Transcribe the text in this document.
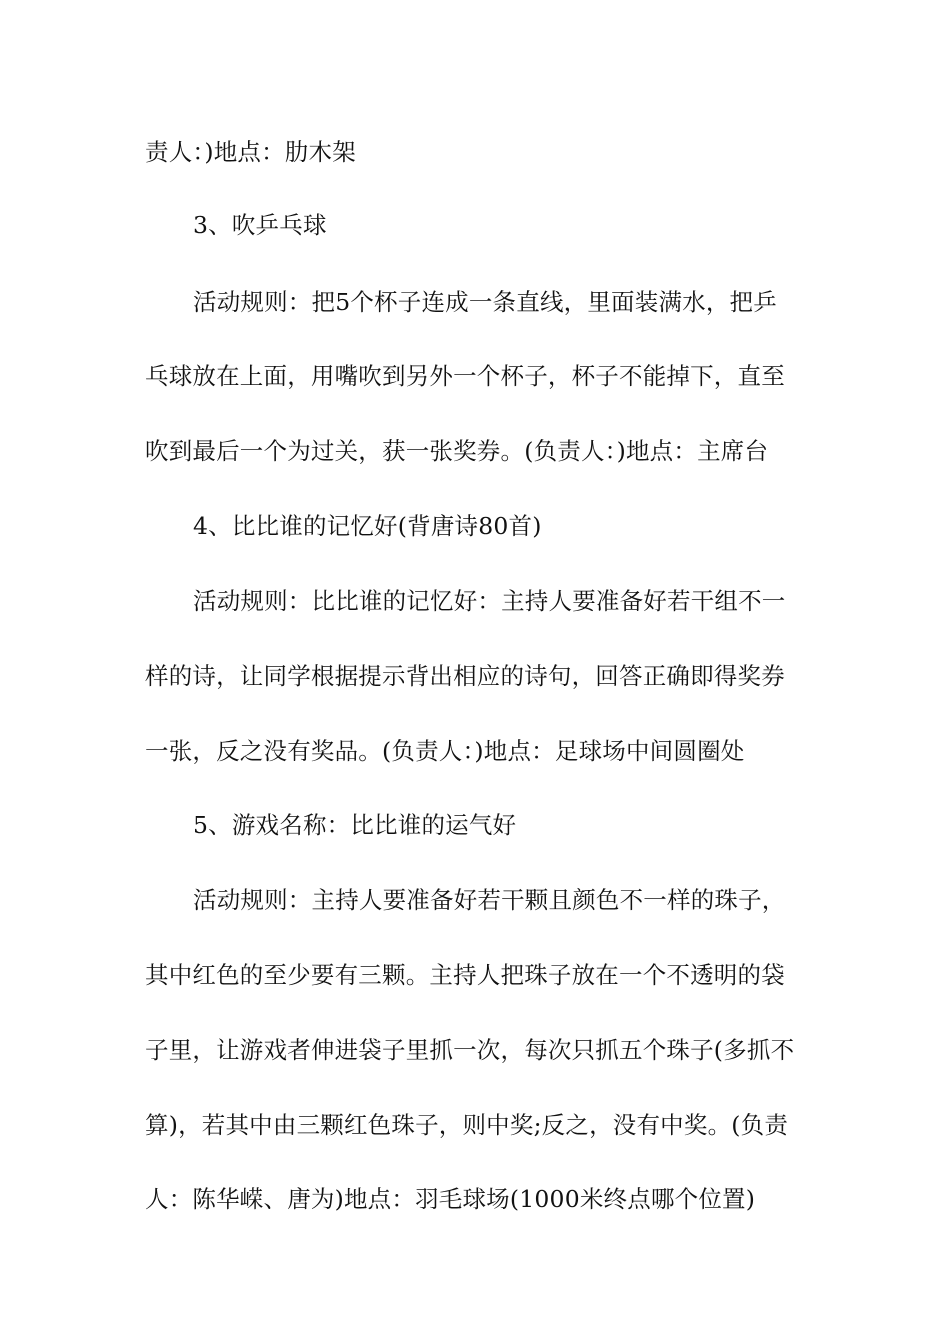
责人：)地点：肋木架
3、吹乒乓球
活动规则：把5个杯子连成一条直线，里面装满水，把乒
乓球放在上面，用嘴吹到另外一个杯子，杯子不能掉下，直至
吹到最后一个为过关，获一张奖券。(负责人：)地点：主席台
4、比比谁的记忆好(背唐诗80首)
活动规则：比比谁的记忆好：主持人要准备好若干组不一
样的诗，让同学根据提示背出相应的诗句，回答正确即得奖券
一张，反之没有奖品。(负责人：)地点：足球场中间圆圈处
5、游戏名称：比比谁的运气好
活动规则：主持人要准备好若干颗且颜色不一样的珠子，
其中红色的至少要有三颗。主持人把珠子放在一个不透明的袋
子里，让游戏者伸进袋子里抓一次，每次只抓五个珠子(多抓不
算)，若其中由三颗红色珠子，则中奖;反之，没有中奖。(负责
人：陈华嵘、唐为)地点：羽毛球场(1000米终点哪个位置)
